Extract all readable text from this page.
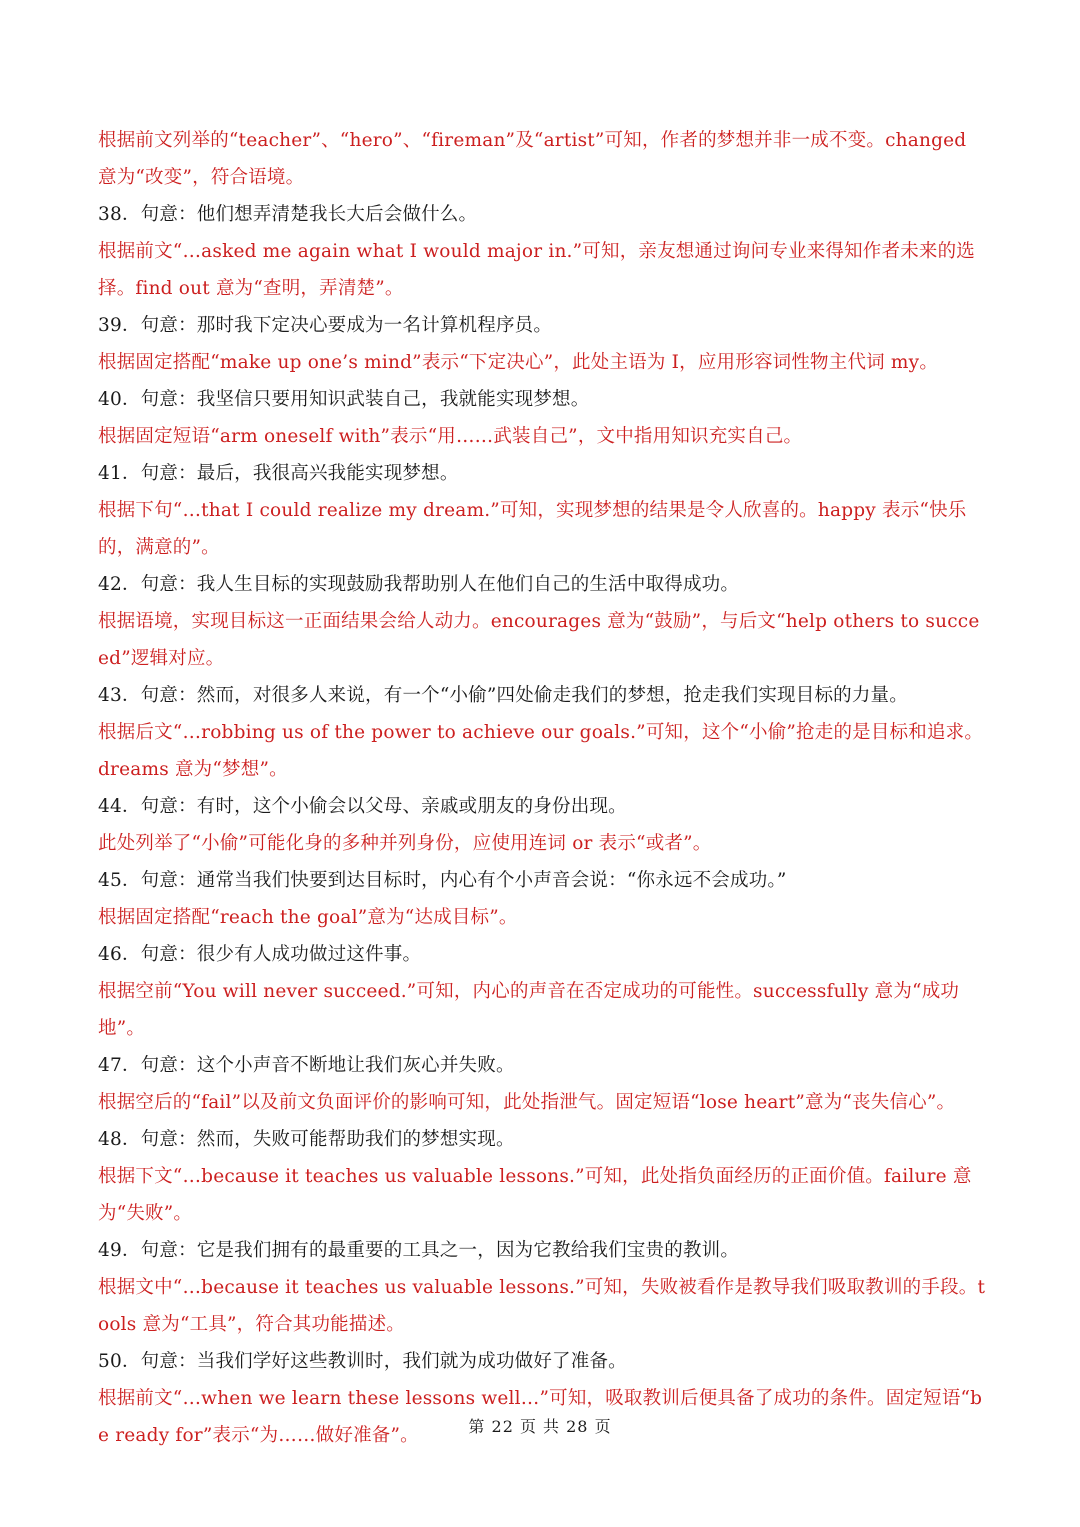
根据前文列举的“teacher”、“hero”、“fireman”及“artist”可知，作者的梦想并非一成不变。changed 意为“改变”，符合语境。
38．句意：他们想弄清楚我长大后会做什么。
根据前文“…asked me again what I would major in.”可知，亲友想通过询问专业来得知作者未来的选择。find out 意为“查明，弄清楚”。
39．句意：那时我下定决心要成为一名计算机程序员。
根据固定搭配“make up one’s mind”表示“下定决心”，此处主语为 I，应用形容词性物主代词 my。
40．句意：我坚信只要用知识武装自己，我就能实现梦想。
根据固定短语“arm oneself with”表示“用……武装自己”，文中指用知识充实自己。
41．句意：最后，我很高兴我能实现梦想。
根据下句“…that I could realize my dream.”可知，实现梦想的结果是令人欣喜的。happy 表示“快乐的，满意的”。
42．句意：我人生目标的实现鼓励我帮助别人在他们自己的生活中取得成功。
根据语境，实现目标这一正面结果会给人动力。encourages 意为“鼓励”，与后文“help others to succeed”逻辑对应。
43．句意：然而，对很多人来说，有一个“小偷”四处偷走我们的梦想，抢走我们实现目标的力量。
根据后文“…robbing us of the power to achieve our goals.”可知，这个“小偷”抢走的是目标和追求。dreams 意为“梦想”。
44．句意：有时，这个小偷会以父母、亲戚或朋友的身份出现。
此处列举了“小偷”可能化身的多种并列身份，应使用连词 or 表示“或者”。
45．句意：通常当我们快要到达目标时，内心有个小声音会说：“你永远不会成功。”
根据固定搭配“reach the goal”意为“达成目标”。
46．句意：很少有人成功做过这件事。
根据空前“You will never succeed.”可知，内心的声音在否定成功的可能性。successfully 意为“成功地”。
47．句意：这个小声音不断地让我们灰心并失败。
根据空后的“fail”以及前文负面评价的影响可知，此处指泄气。固定短语“lose heart”意为“丧失信心”。
48．句意：然而，失败可能帮助我们的梦想实现。
根据下文“…because it teaches us valuable lessons.”可知，此处指负面经历的正面价值。failure 意为“失败”。
49．句意：它是我们拥有的最重要的工具之一，因为它教给我们宝贵的教训。
根据文中“…because it teaches us valuable lessons.”可知，失败被看作是教导我们吸取教训的手段。tools 意为“工具”，符合其功能描述。
50．句意：当我们学好这些教训时，我们就为成功做好了准备。
根据前文“…when we learn these lessons well…”可知，吸取教训后便具备了成功的条件。固定短语“be ready for”表示“为……做好准备”。	第 22 页 共 28 页
